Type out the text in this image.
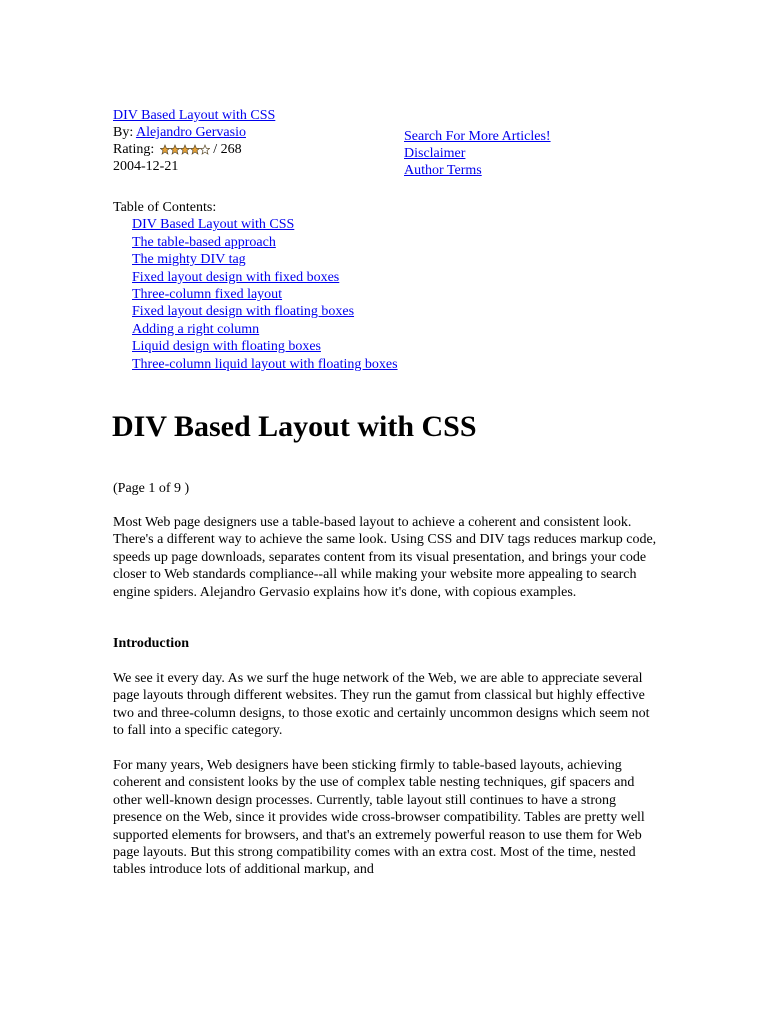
DIV Based Layout with CSS
By: Alejandro Gervasio
Rating:	/ 268
2004-12-21
Search For More Articles!
Disclaimer
Author Terms
Table of Contents:
DIV Based Layout with CSS
The table-based approach
The mighty DIV tag
Fixed layout design with fixed boxes
Three-column fixed layout
Fixed layout design with floating boxes
Adding a right column
Liquid design with floating boxes
Three-column liquid layout with floating boxes
DIV Based Layout with CSS

(Page 1 of 9 )

Most Web page designers use a table-based layout to achieve a coherent and consistent look. There's a different way to achieve the same look. Using CSS and DIV tags reduces markup code, speeds up page downloads, separates content from its visual presentation, and brings your code closer to Web standards compliance--all while making your website more appealing to search engine spiders. Alejandro Gervasio explains how it's done, with copious examples.

Introduction

We see it every day. As we surf the huge network of the Web, we are able to appreciate several page layouts through different websites. They run the gamut from classical but highly effective two and three-column designs, to those exotic and certainly uncommon designs which seem not to fall into a specific category.

For many years, Web designers have been sticking firmly to table-based layouts, achieving coherent and consistent looks by the use of complex table nesting techniques, gif spacers and other well-known design processes. Currently, table layout still continues to have a strong presence on the Web, since it provides wide cross-browser compatibility. Tables are pretty well supported elements for browsers, and that's an extremely powerful reason to use them for Web page layouts. But this strong compatibility comes with an extra cost. Most of the time, nested tables introduce lots of additional markup, and
